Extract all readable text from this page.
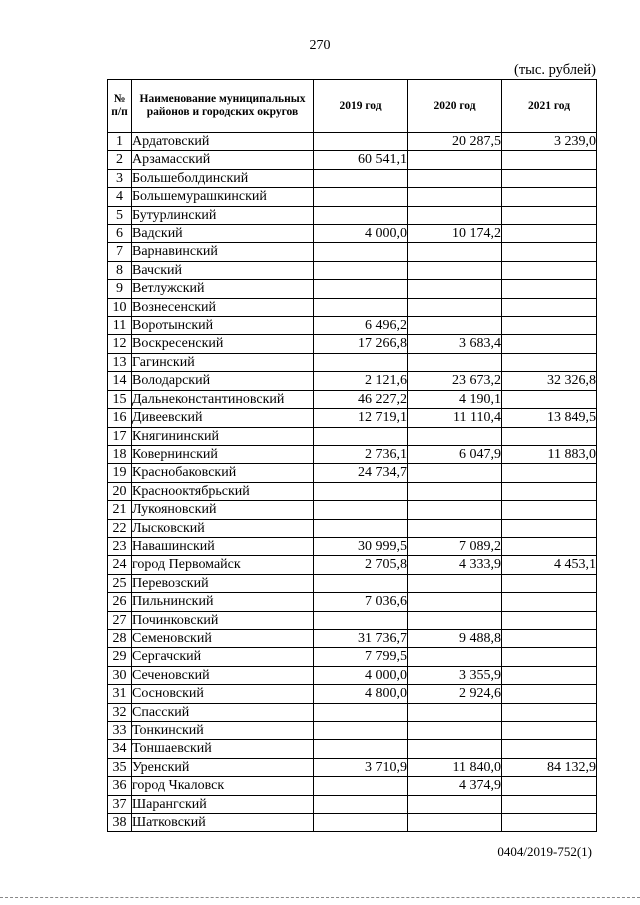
270
(тыс. рублей)
№ п/п	Наименование муниципальных районов и городских округов	2019 год	2020 год	2021 год
1	Ардатовский		20 287,5	3 239,0
2	Арзамасский	60 541,1		
3	Большеболдинский			
4	Большемурашкинский			
5	Бутурлинский			
6	Вадский	4 000,0	10 174,2	
7	Варнавинский			
8	Вачский			
9	Ветлужский			
10	Вознесенский			
11	Воротынский	6 496,2		
12	Воскресенский	17 266,8	3 683,4	
13	Гагинский			
14	Володарский	2 121,6	23 673,2	32 326,8
15	Дальнеконстантиновский	46 227,2	4 190,1	
16	Дивеевский	12 719,1	11 110,4	13 849,5
17	Княгининский			
18	Ковернинский	2 736,1	6 047,9	11 883,0
19	Краснобаковский	24 734,7		
20	Краснооктябрьский			
21	Лукояновский			
22	Лысковский			
23	Навашинский	30 999,5	7 089,2	
24	город Первомайск	2 705,8	4 333,9	4 453,1
25	Перевозский			
26	Пильнинский	7 036,6		
27	Починковский			
28	Семеновский	31 736,7	9 488,8	
29	Сергачский	7 799,5		
30	Сеченовский	4 000,0	3 355,9	
31	Сосновский	4 800,0	2 924,6	
32	Спасский			
33	Тонкинский			
34	Тоншаевский			
35	Уренский	3 710,9	11 840,0	84 132,9
36	город Чкаловск		4 374,9	
37	Шарангский			
38	Шатковский			
0404/2019-752(1)
